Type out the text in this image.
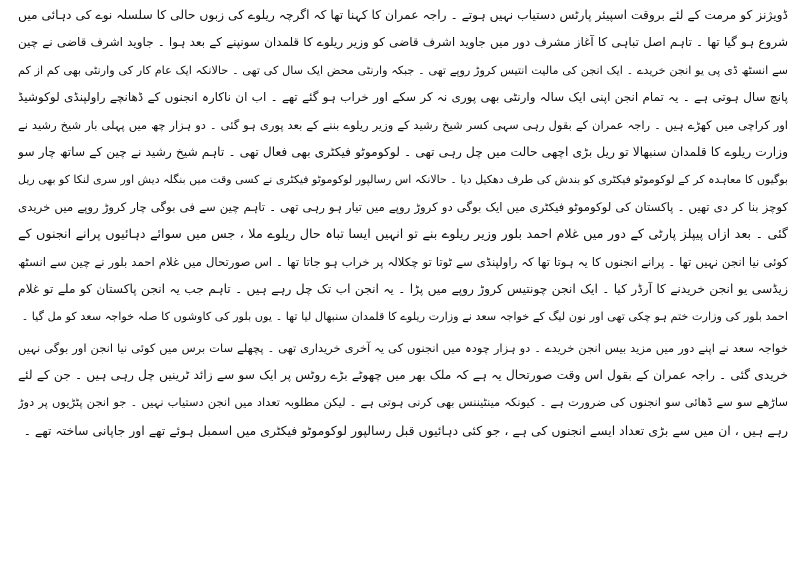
ڈویژنز کو مرمت کے لئے بروقت اسپیئر پارٹس دستیاب نہیں ہوتے ۔ راجہ عمران کا کہنا تھا کہ اگرچہ ریلوے کی زبوں حالی کا سلسلہ نوے کی دہائی میں
شروع ہو گیا تھا ۔ تاہم اصل تباہی کا آغاز مشرف دور میں جاوید اشرف قاضی کو وزیر ریلوے کا قلمدان سونپنے کے بعد ہوا ۔ جاوید اشرف قاضی نے چین
سے انسٹھ ڈی پی یو انجن خریدے ۔ ایک انجن کی مالیت انتیس کروڑ روپے تھی ۔ جبکہ وارنٹی محض ایک سال کی تھی ۔ حالانکہ ایک عام کار کی وارنٹی بھی کم از کم
پانچ سال ہوتی ہے ۔ یہ تمام انجن اپنی ایک سالہ وارنٹی بھی پوری نہ کر سکے اور خراب ہو گئے تھے ۔ اب ان ناکارہ انجنوں کے ڈھانچے راولپنڈی لوکوشیڈ
اور کراچی میں کھڑے ہیں ۔ راجہ عمران کے بقول رہی سہی کسر شیخ رشید کے وزیر ریلوے بننے کے بعد پوری ہو گئی ۔ دو ہزار چھ میں پہلی بار شیخ رشید نے
وزارت ریلوے کا قلمدان سنبھالا تو ریل بڑی اچھی حالت میں چل رہی تھی ۔ لوکوموٹو فیکٹری بھی فعال تھی ۔ تاہم شیخ رشید نے چین کے ساتھ چار سو
بوگیوں کا معاہدہ کر کے لوکوموٹو فیکٹری کو بندش کی طرف دھکیل دیا ۔ حالانکہ اس رسالپور لوکوموٹو فیکٹری نے کسی وقت میں بنگلہ دیش اور سری لنکا کو بھی ریل
کوچز بنا کر دی تھیں ۔ پاکستان کی لوکوموٹو فیکٹری میں ایک بوگی دو کروڑ روپے میں تیار ہو رہی تھی ۔ تاہم چین سے فی بوگی چار کروڑ روپے میں خریدی
گئی ۔ بعد ازاں پیپلز پارٹی کے دور میں غلام احمد بلور وزیر ریلوے بنے تو انہیں ایسا تباہ حال ریلوے ملا ، جس میں سوائے دہائیوں پرانے انجنوں کے
کوئی نیا انجن نہیں تھا ۔ پرانے انجنوں کا یہ ہوتا تھا کہ راولپنڈی سے ٹوتا تو چکلالہ پر خراب ہو جاتا تھا ۔ اس صورتحال میں غلام احمد بلور نے چین سے انسٹھ
زیڈسی یو انجن خریدنے کا آرڈر کیا ۔ ایک انجن چونتیس کروڑ روپے میں پڑا ۔ یہ انجن اب تک چل رہے ہیں ۔ تاہم جب یہ انجن پاکستان کو ملے تو غلام
احمد بلور کی وزارت ختم ہو چکی تھی اور نون لیگ کے خواجہ سعد نے وزارت ریلوے کا قلمدان سنبھال لیا تھا ۔ یوں بلور کی کاوشوں کا صلہ خواجہ سعد کو مل گیا ۔
خواجہ سعد نے اپنے دور میں مزید بیس انجن خریدے ۔ دو ہزار چودہ میں انجنوں کی یہ آخری خریداری تھی ۔ پچھلے سات برس میں کوئی نیا انجن اور بوگی نہیں
خریدی گئی ۔ راجہ عمران کے بقول اس وقت صورتحال یہ ہے کہ ملک بھر میں چھوٹے بڑے روٹس پر ایک سو سے زائد ٹرینیں چل رہی ہیں ۔ جن کے لئے
ساڑھے سو سے ڈھائی سو انجنوں کی ضرورت ہے ۔ کیونکہ مینٹیننس بھی کرنی ہوتی ہے ۔ لیکن مطلوبہ تعداد میں انجن دستیاب نہیں ۔ جو انجن پٹڑیوں پر دوڑ
رہے ہیں ، ان میں سے بڑی تعداد ایسے انجنوں کی ہے ، جو کئی دہائیوں قبل رسالپور لوکوموٹو فیکٹری میں اسمبل ہوئے تھے اور جاپانی ساختہ تھے ۔
